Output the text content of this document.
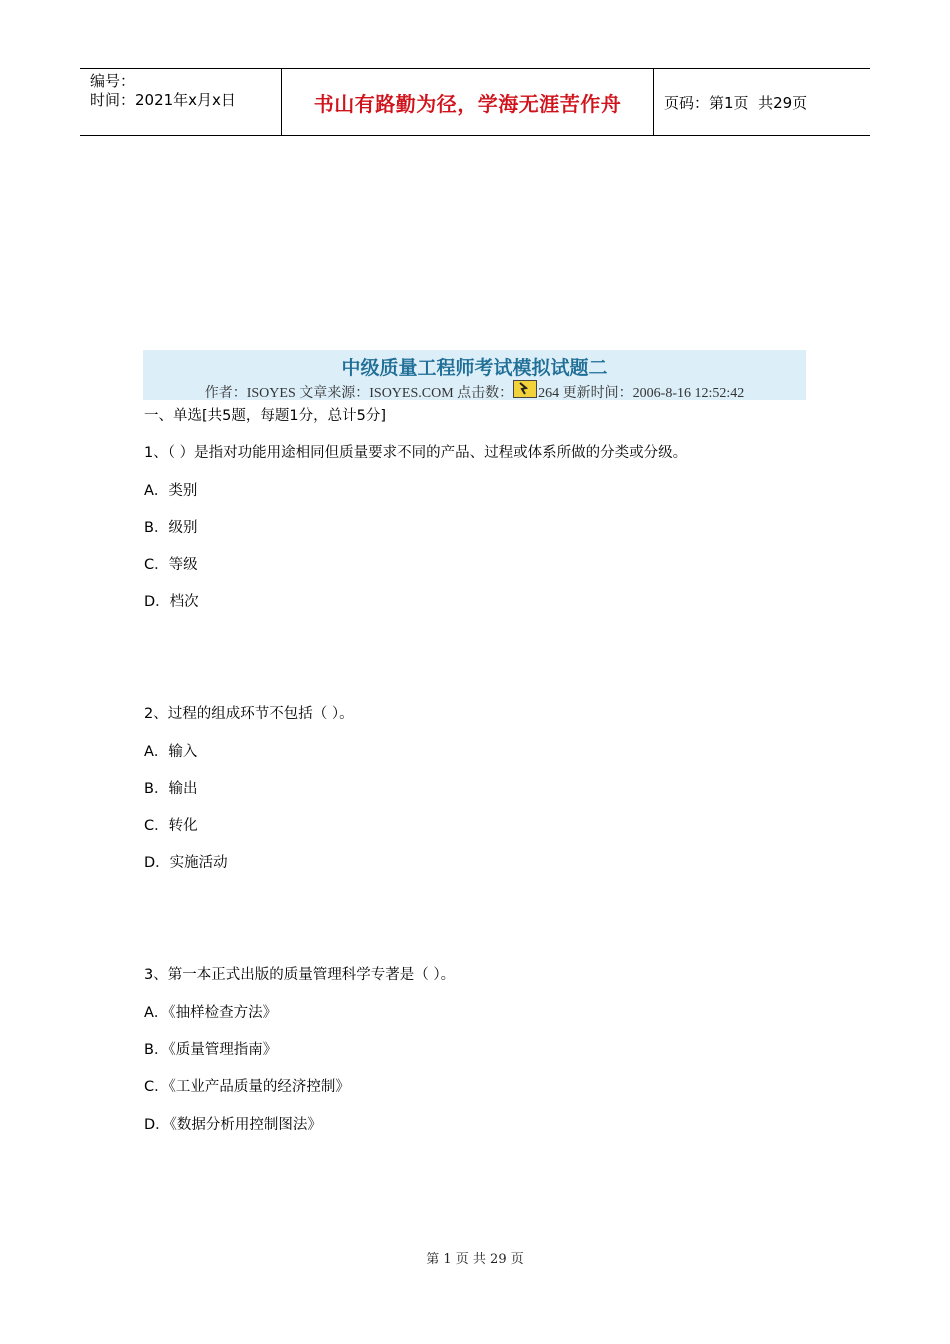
编号：
时间：2021年x月x日	书山有路勤为径，学海无涯苦作舟	页码：第1页  共29页
中级质量工程师考试模拟试题二
作者：ISOYES 文章来源：ISOYES.COM 点击数： 264 更新时间：2006-8-16 12:52:42
一、单选[共5题，每题1分，总计5分]
1、（ ）是指对功能用途相同但质量要求不同的产品、过程或体系所做的分类或分级。
A．类别
B．级别
C．等级
D．档次
2、过程的组成环节不包括（ ）。
A．输入
B．输出
C．转化
D．实施活动
3、第一本正式出版的质量管理科学专著是（ ）。
A．《抽样检查方法》
B．《质量管理指南》
C．《工业产品质量的经济控制》
D．《数据分析用控制图法》
第 1 页 共 29 页
